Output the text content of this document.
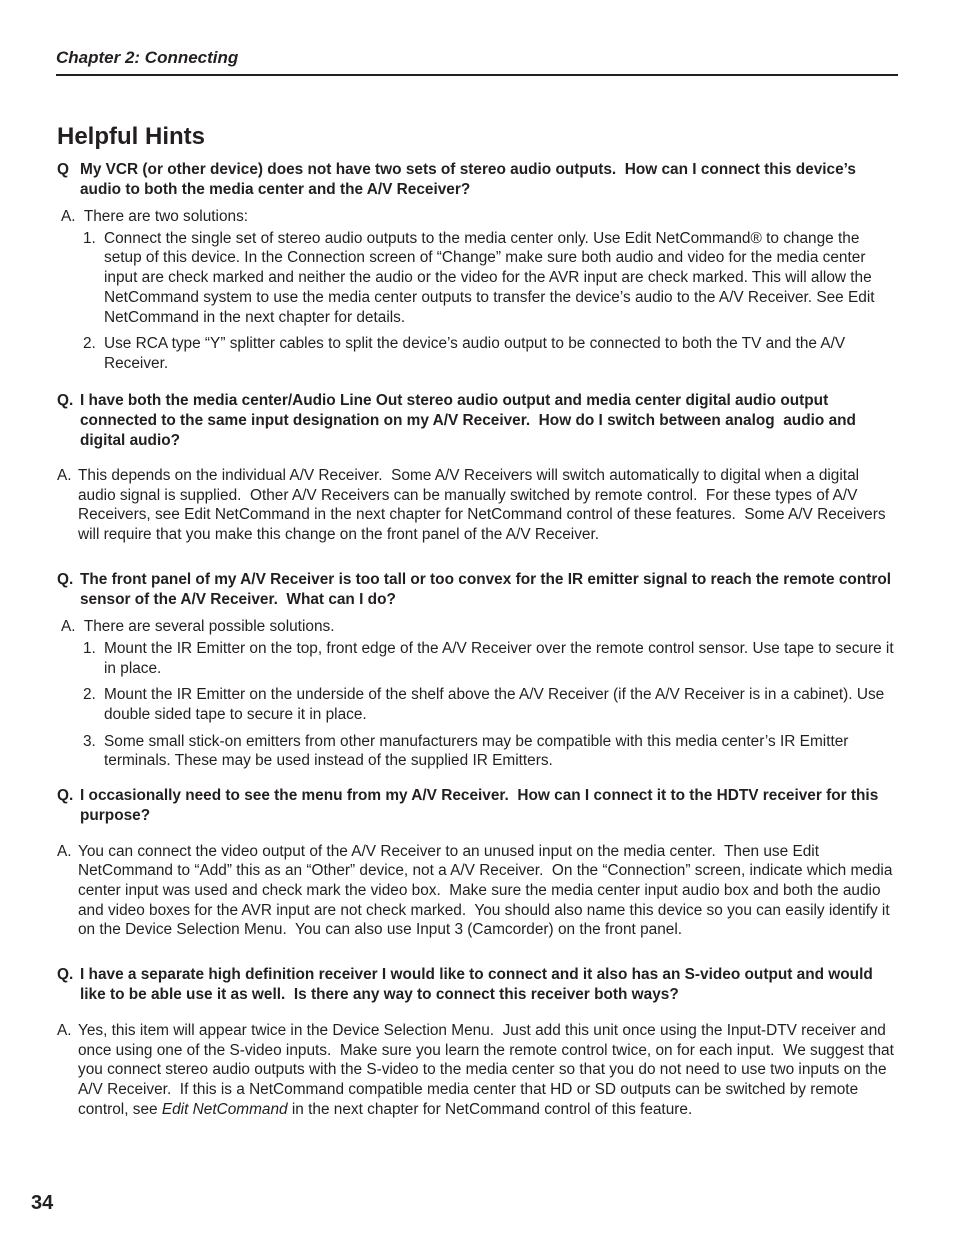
Chapter 2: Connecting
Helpful Hints

Q My VCR (or other device) does not have two sets of stereo audio outputs.  How can I connect this device’s audio to both the media center and the A/V Receiver?

A.  There are two solutions:

1. Connect the single set of stereo audio outputs to the media center only. Use Edit NetCommand® to change the setup of this device. In the Connection screen of “Change” make sure both audio and video for the media center input are check marked and neither the audio or the video for the AVR input are check marked. This will allow the NetCommand system to use the media center outputs to transfer the device’s audio to the A/V Receiver. See Edit NetCommand in the next chapter for details.
2. Use RCA type “Y” splitter cables to split the device’s audio output to be connected to both the TV and the A/V Receiver.

Q. I have both the media center/Audio Line Out stereo audio output and media center digital audio output connected to the same input designation on my A/V Receiver.  How do I switch between analog  audio and digital audio?

A. This depends on the individual A/V Receiver.  Some A/V Receivers will switch automatically to digital when a digital audio signal is supplied.  Other A/V Receivers can be manually switched by remote control.  For these types of A/V Receivers, see Edit NetCommand in the next chapter for NetCommand control of these features.  Some A/V Receivers will require that you make this change on the front panel of the A/V Receiver.

Q. The front panel of my A/V Receiver is too tall or too convex for the IR emitter signal to reach the remote control sensor of the A/V Receiver.  What can I do?

A.  There are several possible solutions.

1. Mount the IR Emitter on the top, front edge of the A/V Receiver over the remote control sensor. Use tape to secure it in place.
2. Mount the IR Emitter on the underside of the shelf above the A/V Receiver (if the A/V Receiver is in a cabinet). Use double sided tape to secure it in place.
3. Some small stick-on emitters from other manufacturers may be compatible with this media center’s IR Emitter terminals. These may be used instead of the supplied IR Emitters.

Q. I occasionally need to see the menu from my A/V Receiver.  How can I connect it to the HDTV receiver for this purpose?

A. You can connect the video output of the A/V Receiver to an unused input on the media center.  Then use Edit NetCommand to “Add” this as an “Other” device, not a A/V Receiver.  On the “Connection” screen, indicate which media center input was used and check mark the video box.  Make sure the media center input audio box and both the audio and video boxes for the AVR input are not check marked.  You should also name this device so you can easily identify it on the Device Selection Menu.  You can also use Input 3 (Camcorder) on the front panel.

Q. I have a separate high definition receiver I would like to connect and it also has an S-video output and would like to be able use it as well.  Is there any way to connect this receiver both ways?

A. Yes, this item will appear twice in the Device Selection Menu.  Just add this unit once using the Input-DTV receiver and once using one of the S-video inputs.  Make sure you learn the remote control twice, on for each input.  We suggest that you connect stereo audio outputs with the S-video to the media center so that you do not need to use two inputs on the A/V Receiver.  If this is a NetCommand compatible media center that HD or SD outputs can be switched by remote control, see Edit NetCommand in the next chapter for NetCommand control of this feature.

34
